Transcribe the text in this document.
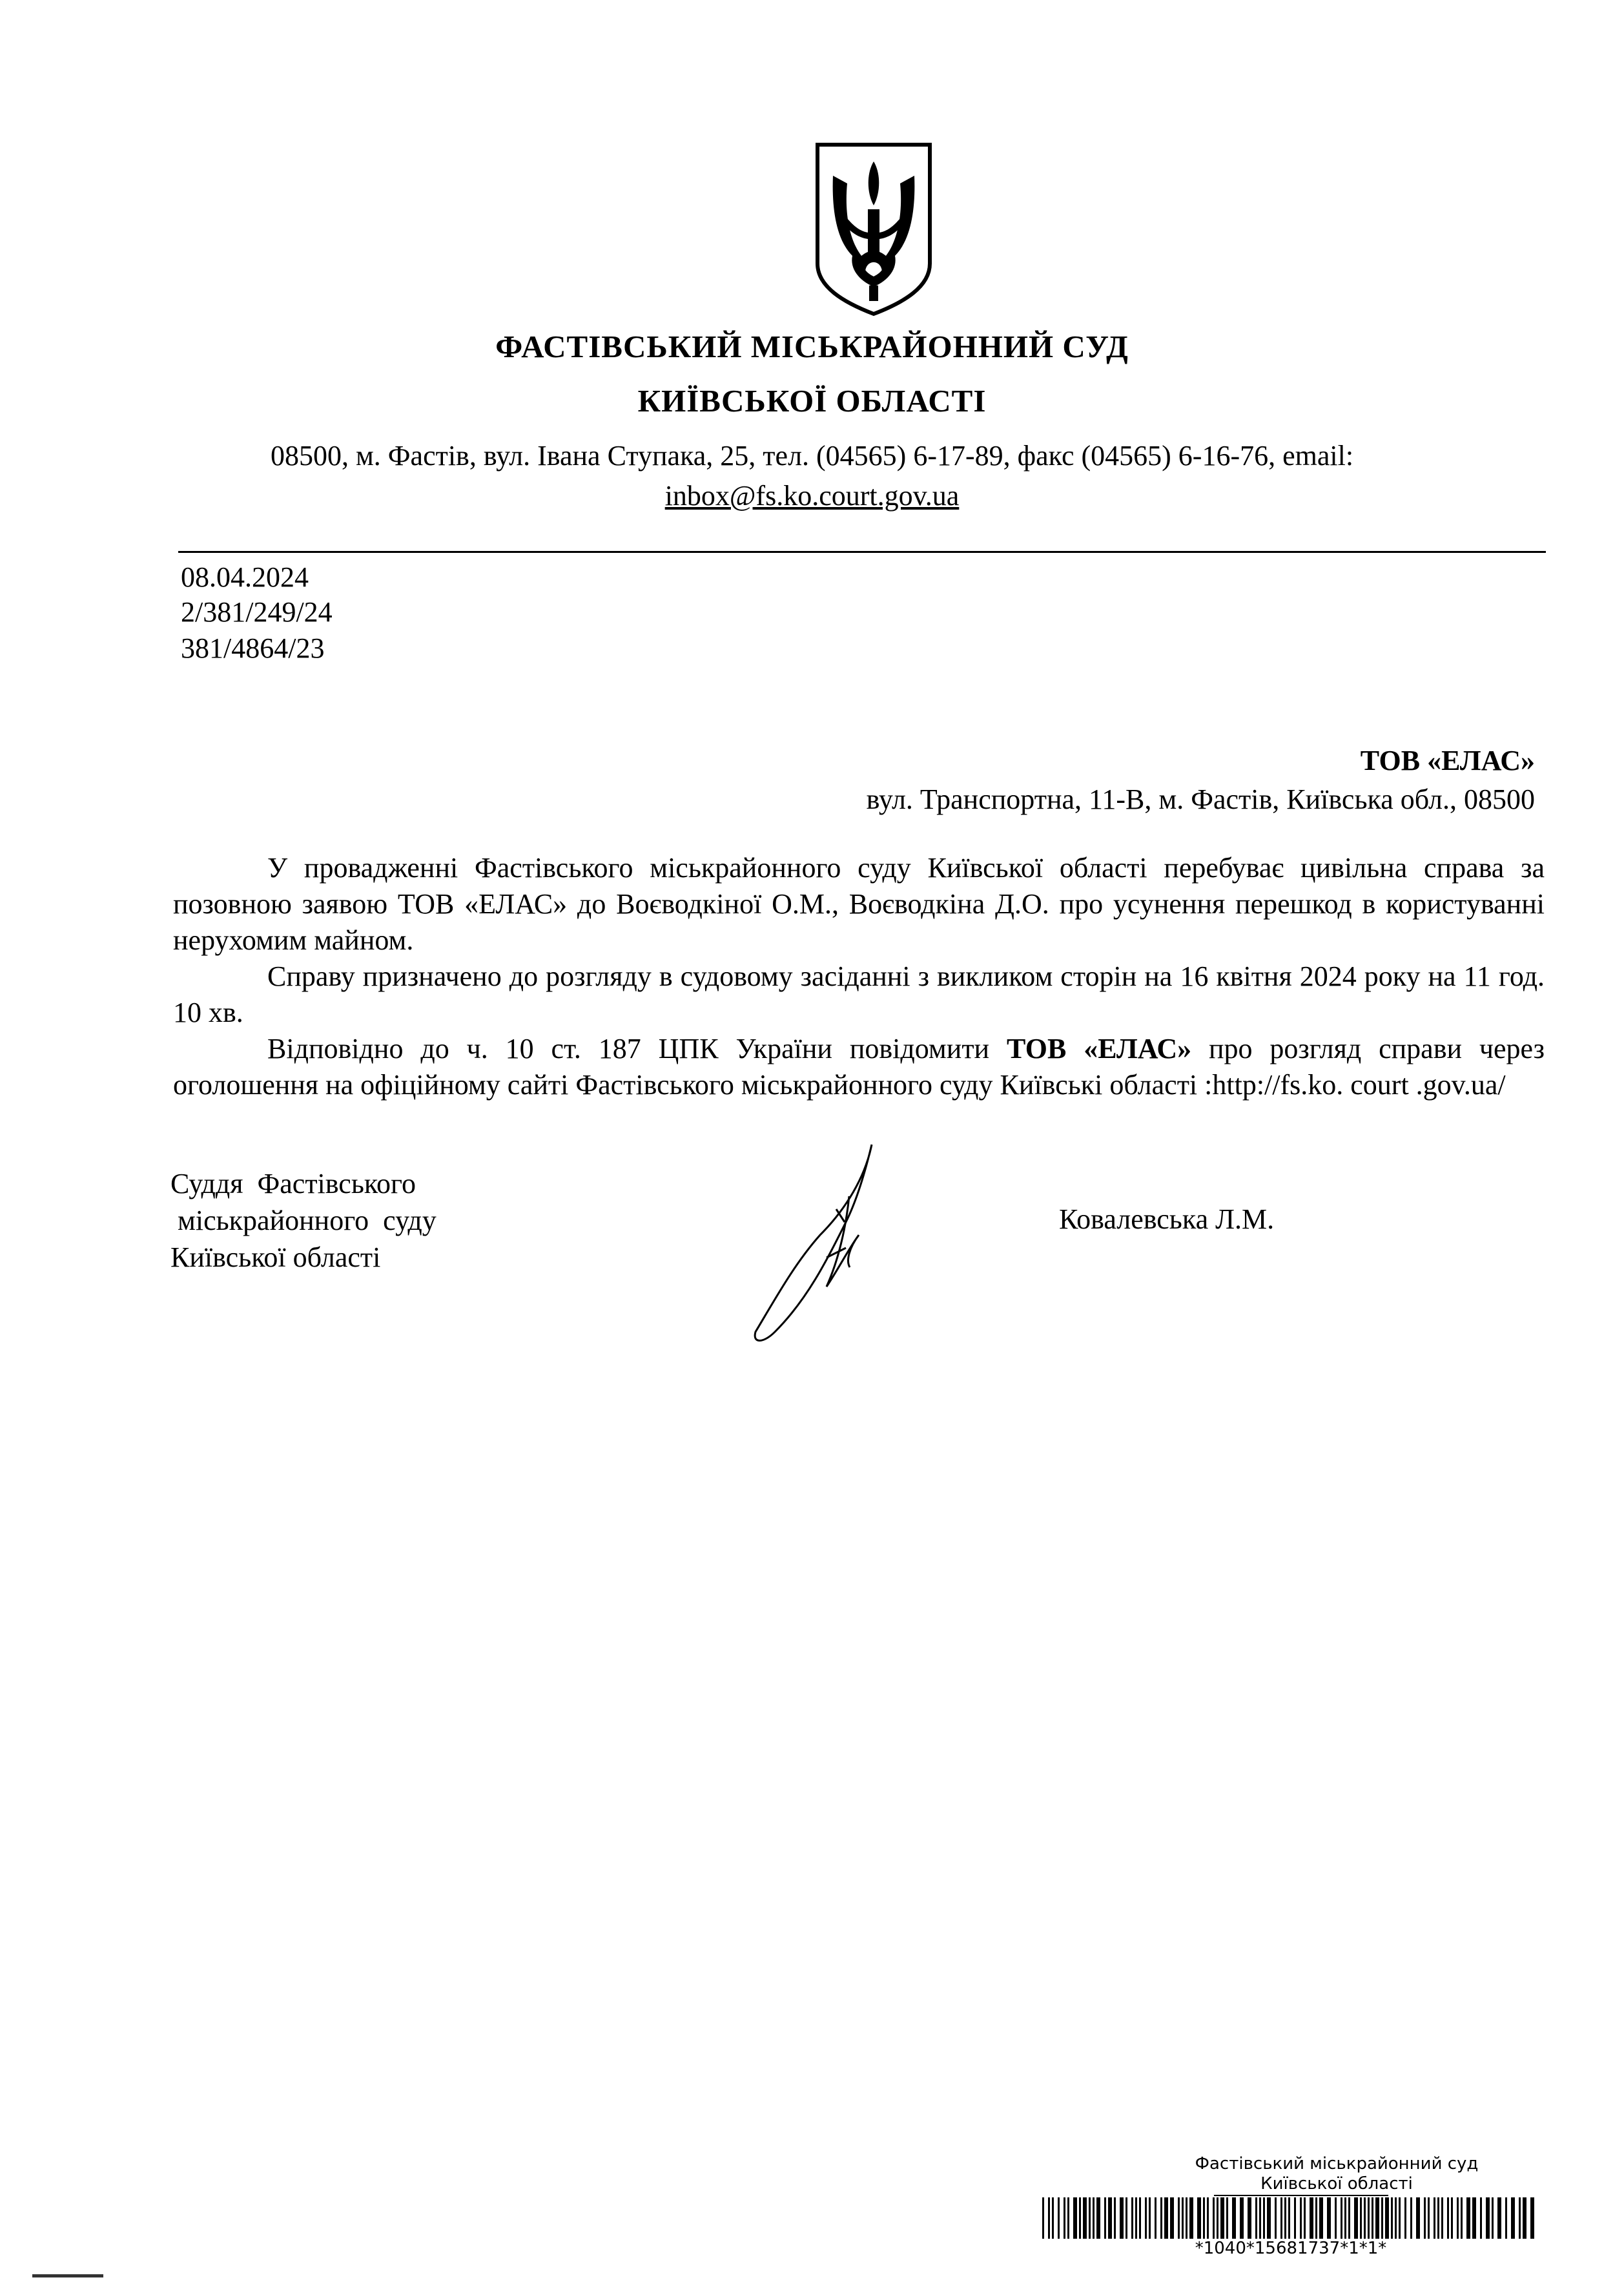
ФАСТІВСЬКИЙ МІСЬКРАЙОННИЙ СУД
КИЇВСЬКОЇ ОБЛАСТІ
08500, м. Фастів, вул. Івана Ступака, 25, тел. (04565) 6-17-89, факс (04565) 6-16-76, email:
inbox@fs.ko.court.gov.ua
08.04.2024
2/381/249/24
381/4864/23
ТОВ «ЕЛАС»
вул. Транспортна, 11-В, м. Фастів, Київська обл., 08500
У провадженні Фастівського міськрайонного суду Київської області перебуває цивільна справа за позовною заявою ТОВ «ЕЛАС» до Воєводкіної О.М., Воєводкіна Д.О. про усунення перешкод в користуванні нерухомим майном.
Справу призначено до розгляду в судовому засіданні з викликом сторін на 16 квітня 2024 року на 11 год. 10 хв.
Відповідно до ч. 10 ст. 187 ЦПК України повідомити ТОВ «ЕЛАС» про розгляд справи через оголошення на офіційному сайті Фастівського міськрайонного суду Київські області :http://fs.ko. court .gov.ua/
Суддя  Фастівського
міськрайонного  суду
Київської області
Ковалевська Л.М.
Фастівський міськрайонний суд
Київської області
*1040*15681737*1*1*
